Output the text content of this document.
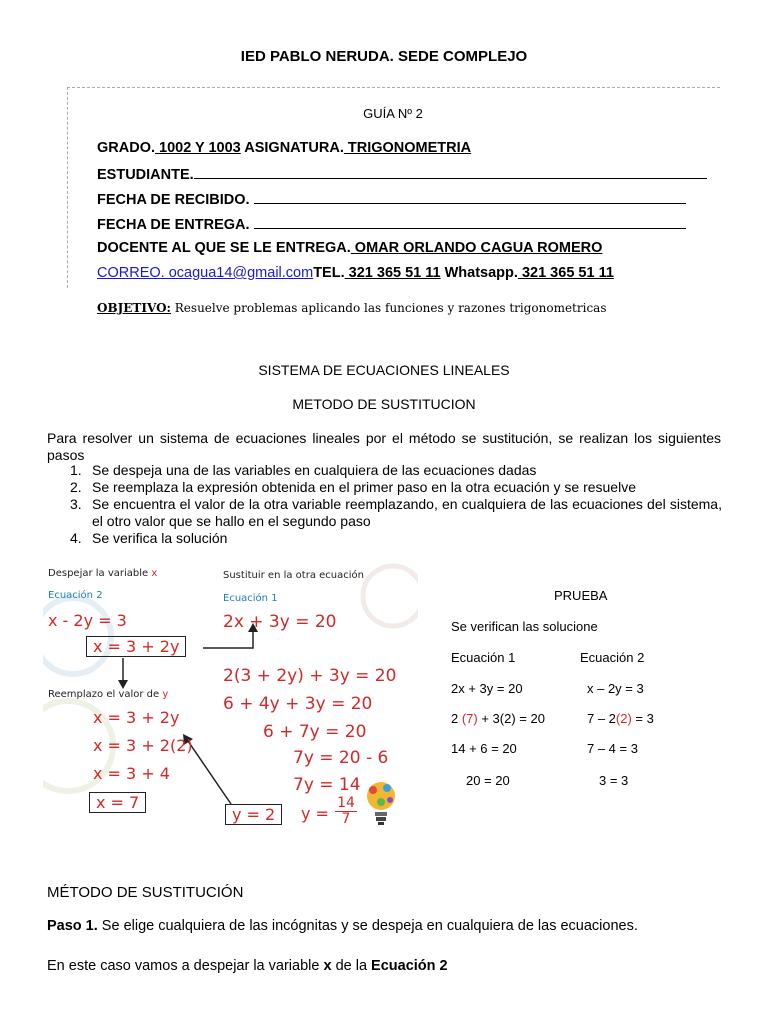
IED PABLO NERUDA. SEDE COMPLEJO
GUÍA Nº 2
GRADO. 1002 Y 1003 ASIGNATURA. TRIGONOMETRIA
ESTUDIANTE.
FECHA DE RECIBIDO.
FECHA DE ENTREGA.
DOCENTE AL QUE SE LE ENTREGA. OMAR ORLANDO CAGUA ROMERO
CORREO. ocagua14@gmail.comTEL. 321 365 51 11 Whatsapp. 321 365 51 11
OBJETIVO: Resuelve problemas aplicando las funciones y razones trigonometricas
SISTEMA DE ECUACIONES LINEALES
METODO DE SUSTITUCION
Para resolver un sistema de ecuaciones lineales por el método se sustitución, se realizan los siguientes pasos
1. Se despeja una de las variables en cualquiera de las ecuaciones dadas
2. Se reemplaza la expresión obtenida en el primer paso en la otra ecuación y se resuelve
3. Se encuentra el valor de la otra variable reemplazando, en cualquiera de las ecuaciones del sistema, el otro valor que se hallo en el segundo paso
4. Se verifica la solución
Despejar la variable x
Ecuación 2
x - 2y = 3
x = 3 + 2y
Reemplazo el valor de y
x = 3 + 2y
x = 3 + 2(2)
x = 3 + 4
x = 7
Sustituir en la otra ecuación
Ecuación 1
2x + 3y = 20
2(3 + 2y) + 3y = 20
6 + 4y + 3y = 20
6 + 7y = 20
7y = 20 - 6
7y = 14
$y = \frac{14}{7}$
y = 2
PRUEBA
Se verifican las solucione
Ecuación 1	Ecuación 2
2x + 3y = 20	x – 2y = 3
2 (7) + 3(2) = 20	7 – 2(2) = 3
14 + 6 = 20	7 – 4 = 3
20 = 20	3 = 3
MÉTODO DE SUSTITUCIÓN
Paso 1. Se elige cualquiera de las incógnitas y se despeja en cualquiera de las ecuaciones.
En este caso vamos a despejar la variable x de la Ecuación 2
